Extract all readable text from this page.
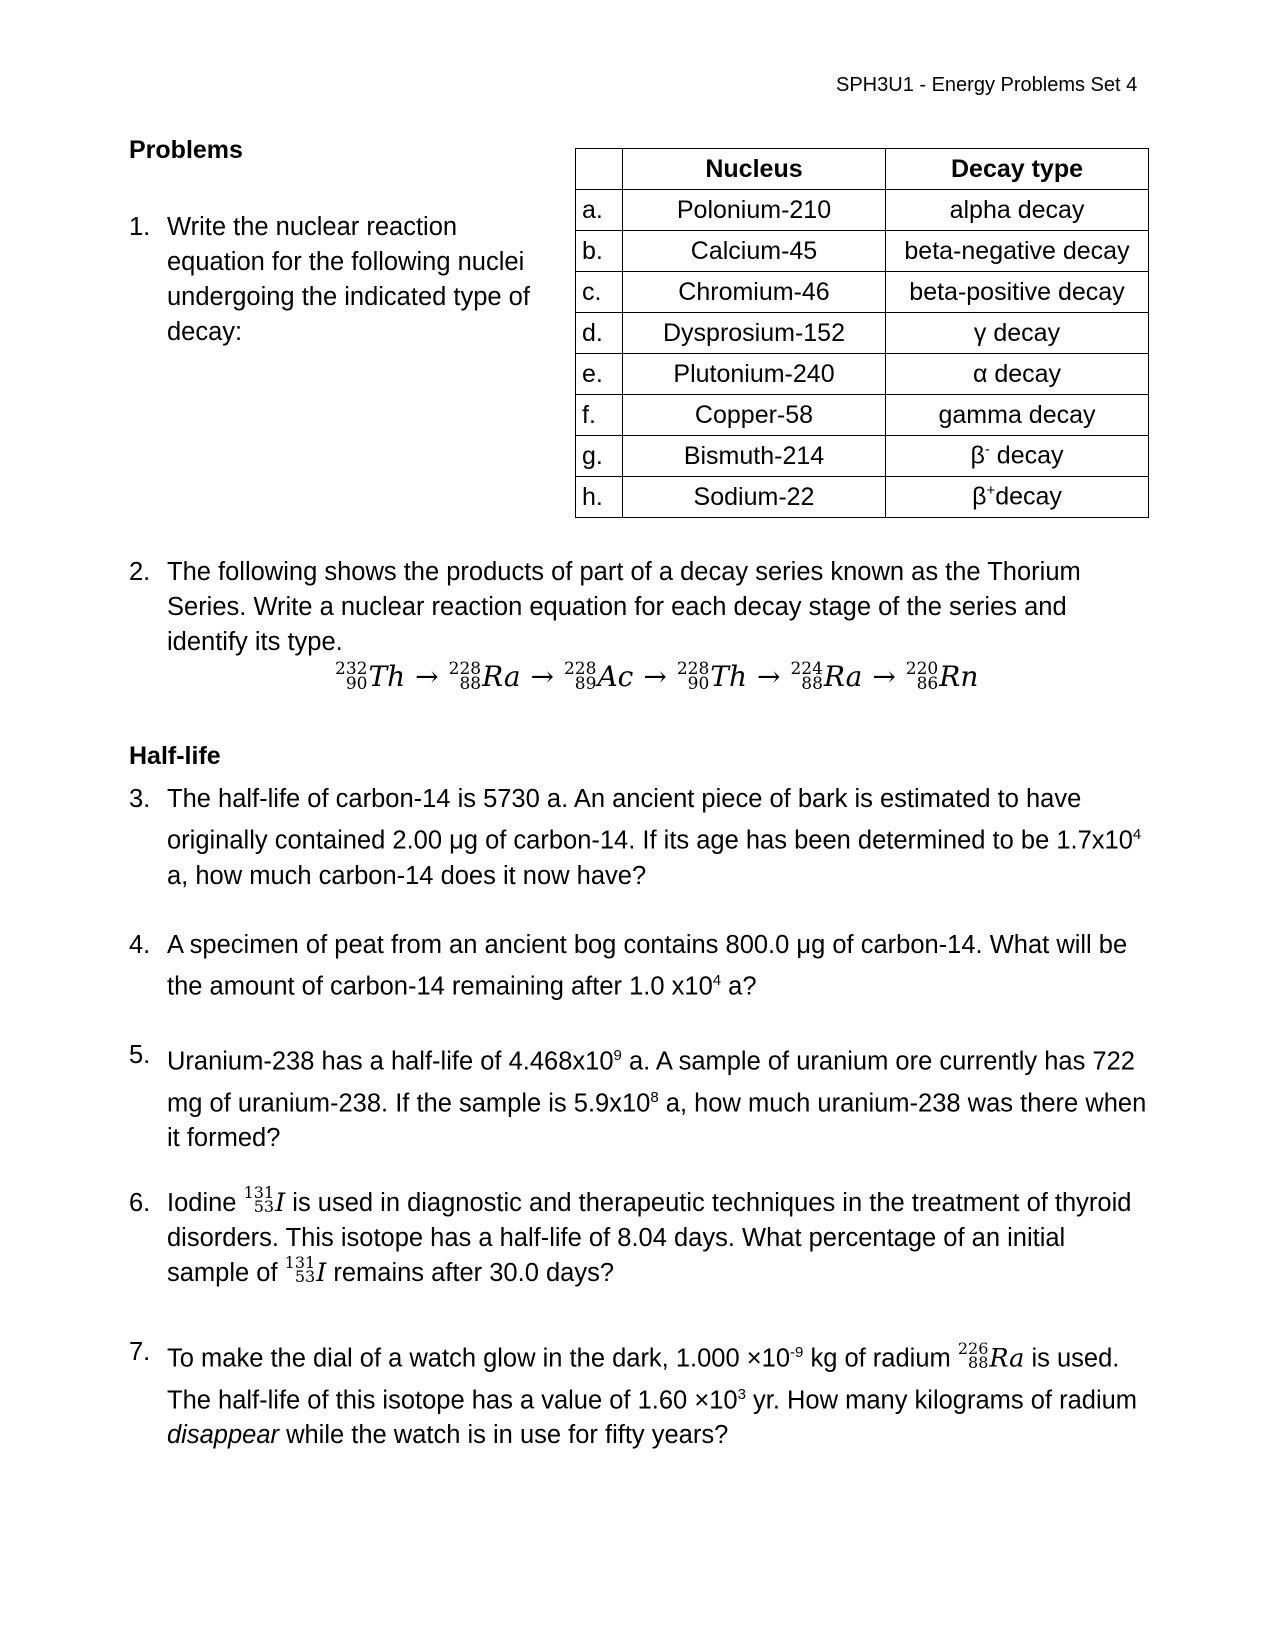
SPH3U1 - Energy Problems Set 4
Problems
1. Write the nuclear reaction equation for the following nuclei undergoing the indicated type of decay:
	Nucleus	Decay type
a.	Polonium-210	alpha decay
b.	Calcium-45	beta-negative decay
c.	Chromium-46	beta-positive decay
d.	Dysprosium-152	γ decay
e.	Plutonium-240	α decay
f.	Copper-58	gamma decay
g.	Bismuth-214	β- decay
h.	Sodium-22	β+decay
2. The following shows the products of part of a decay series known as the Thorium Series. Write a nuclear reaction equation for each decay stage of the series and identify its type.
232
90 Th → 228
88 Ra → 228
89 Ac → 228
90 Th → 224
88 Ra → 220
86 Rn
Half-life
3. The half-life of carbon-14 is 5730 a. An ancient piece of bark is estimated to have originally contained 2.00 μg of carbon-14. If its age has been determined to be $1.7x10^4$ a, how much carbon-14 does it now have?
4. A specimen of peat from an ancient bog contains 800.0 μg of carbon-14. What will be the amount of carbon-14 remaining after 1.0 $x10^4$ a?
5. Uranium-238 has a half-life of $4.468x10^9$ a. A sample of uranium ore currently has 722 mg of uranium-238. If the sample is $5.9x10^8$ a, how much uranium-238 was there when it formed?
6. Iodine 131
53 I is used in diagnostic and therapeutic techniques in the treatment of thyroid disorders. This isotope has a half-life of 8.04 days. What percentage of an initial sample of 131
53 I remains after 30.0 days?
7. To make the dial of a watch glow in the dark, $1.000 \times 10^{-9}$ kg of radium 226
88 Ra is used. The half-life of this isotope has a value of $1.60 \times 10^3$ yr. How many kilograms of radium disappear while the watch is in use for fifty years?
